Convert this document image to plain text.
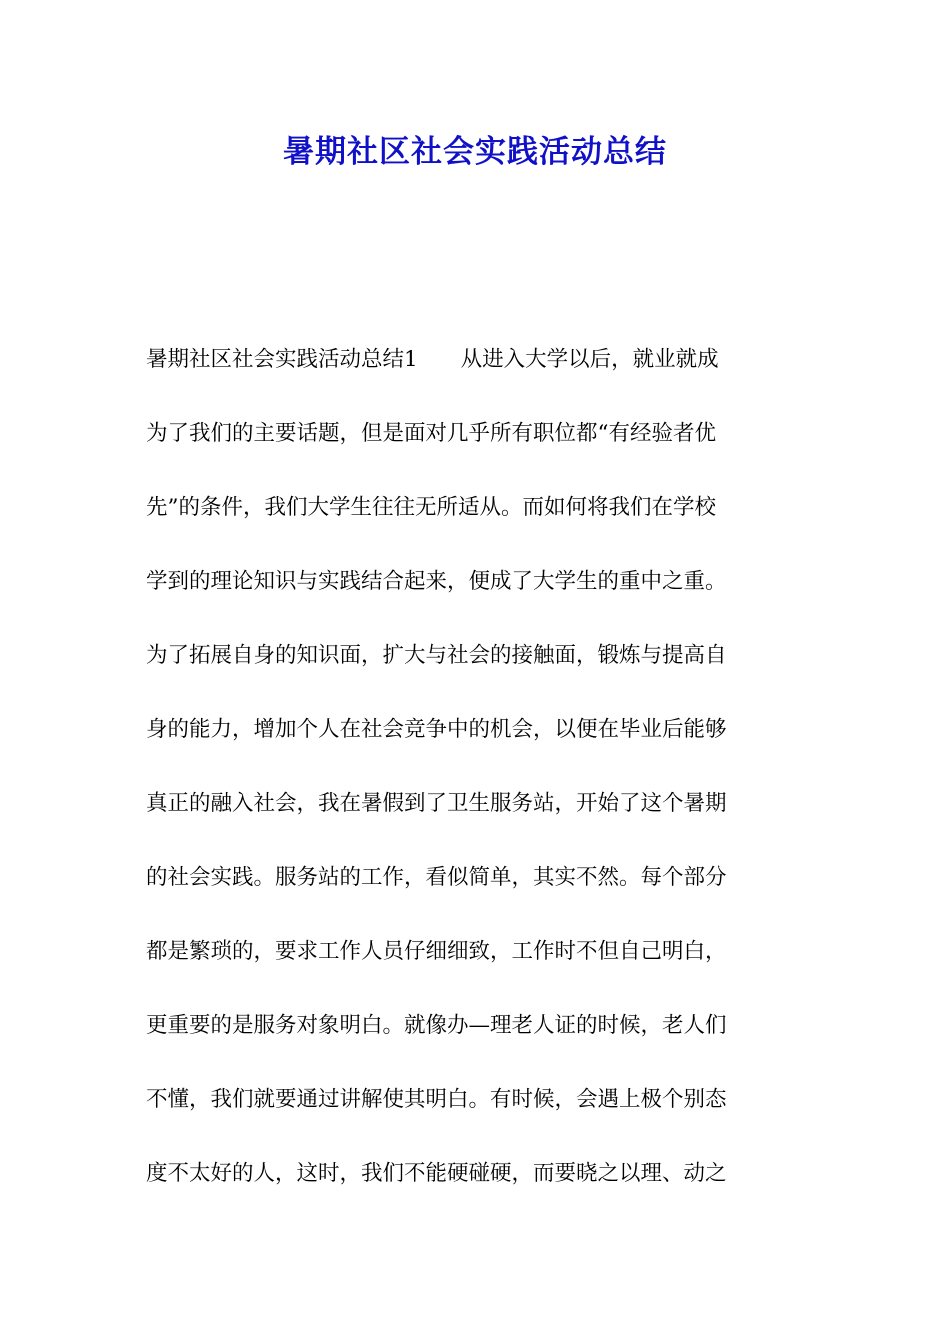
暑期社区社会实践活动总结
暑期社区社会实践活动总结1　　从进入大学以后，就业就成
为了我们的主要话题，但是面对几乎所有职位都“有经验者优
先”的条件，我们大学生往往无所适从。而如何将我们在学校
学到的理论知识与实践结合起来，便成了大学生的重中之重。
为了拓展自身的知识面，扩大与社会的接触面，锻炼与提高自
身的能力，增加个人在社会竞争中的机会，以便在毕业后能够
真正的融入社会，我在暑假到了卫生服务站，开始了这个暑期
的社会实践。服务站的工作，看似简单，其实不然。每个部分
都是繁琐的，要求工作人员仔细细致，工作时不但自己明白，
更重要的是服务对象明白。就像办—理老人证的时候，老人们
不懂，我们就要通过讲解使其明白。有时候，会遇上极个别态
度不太好的人，这时，我们不能硬碰硬，而要晓之以理、动之
